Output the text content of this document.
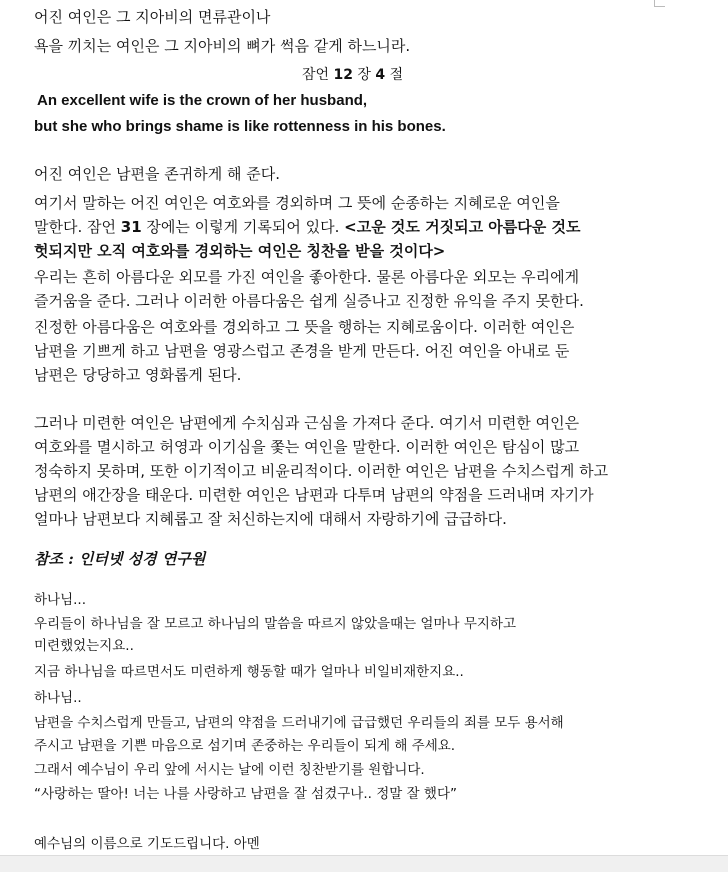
어진 여인은 그 지아비의 면류관이나
욕을 끼치는 여인은 그 지아비의 뼈가 썩음 같게 하느니라.
잠언 12 장 4 절
An excellent wife is the crown of her husband,
but she who brings shame is like rottenness in his bones.
어진 여인은 남편을 존귀하게 해 준다.
여기서 말하는 어진 여인은 여호와를 경외하며 그 뜻에 순종하는 지혜로운 여인을
말한다. 잠언 31 장에는 이렇게 기록되어 있다. <고운 것도 거짓되고 아름다운 것도
헛되지만 오직 여호와를 경외하는 여인은 칭찬을 받을 것이다>
우리는 흔히 아름다운 외모를 가진 여인을 좋아한다. 물론 아름다운 외모는 우리에게
즐거움을 준다. 그러나 이러한 아름다움은 쉽게 실증나고 진정한 유익을 주지 못한다.
진정한 아름다움은 여호와를 경외하고 그 뜻을 행하는 지혜로움이다. 이러한 여인은
남편을 기쁘게 하고 남편을 영광스럽고 존경을 받게 만든다. 어진 여인을 아내로 둔
남편은 당당하고 영화롭게 된다.
그러나 미련한 여인은 남편에게 수치심과 근심을 가져다 준다. 여기서 미련한 여인은
여호와를 멸시하고 허영과 이기심을 쫓는 여인을 말한다. 이러한 여인은 탐심이 많고
정숙하지 못하며, 또한 이기적이고 비윤리적이다. 이러한 여인은 남편을 수치스럽게 하고
남편의 애간장을 태운다. 미련한 여인은 남편과 다투며 남편의 약점을 드러내며 자기가
얼마나 남편보다 지혜롭고 잘 처신하는지에 대해서 자랑하기에 급급하다.
참조 : 인터넷 성경 연구원
하나님...
우리들이 하나님을 잘 모르고 하나님의 말씀을 따르지 않았을때는 얼마나 무지하고
미련했었는지요..
지금 하나님을 따르면서도 미련하게 행동할 때가 얼마나 비일비재한지요..
하나님..
남편을 수치스럽게 만들고, 남편의 약점을 드러내기에 급급했던 우리들의 죄를 모두 용서해
주시고 남편을 기쁜 마음으로 섬기며 존중하는 우리들이 되게 해 주세요.
그래서 예수님이 우리 앞에 서시는 날에 이런 칭찬받기를 원합니다.
“사랑하는 딸아! 너는 나를 사랑하고 남편을 잘 섬겼구나.. 정말 잘 했다”
예수님의 이름으로 기도드립니다. 아멘
